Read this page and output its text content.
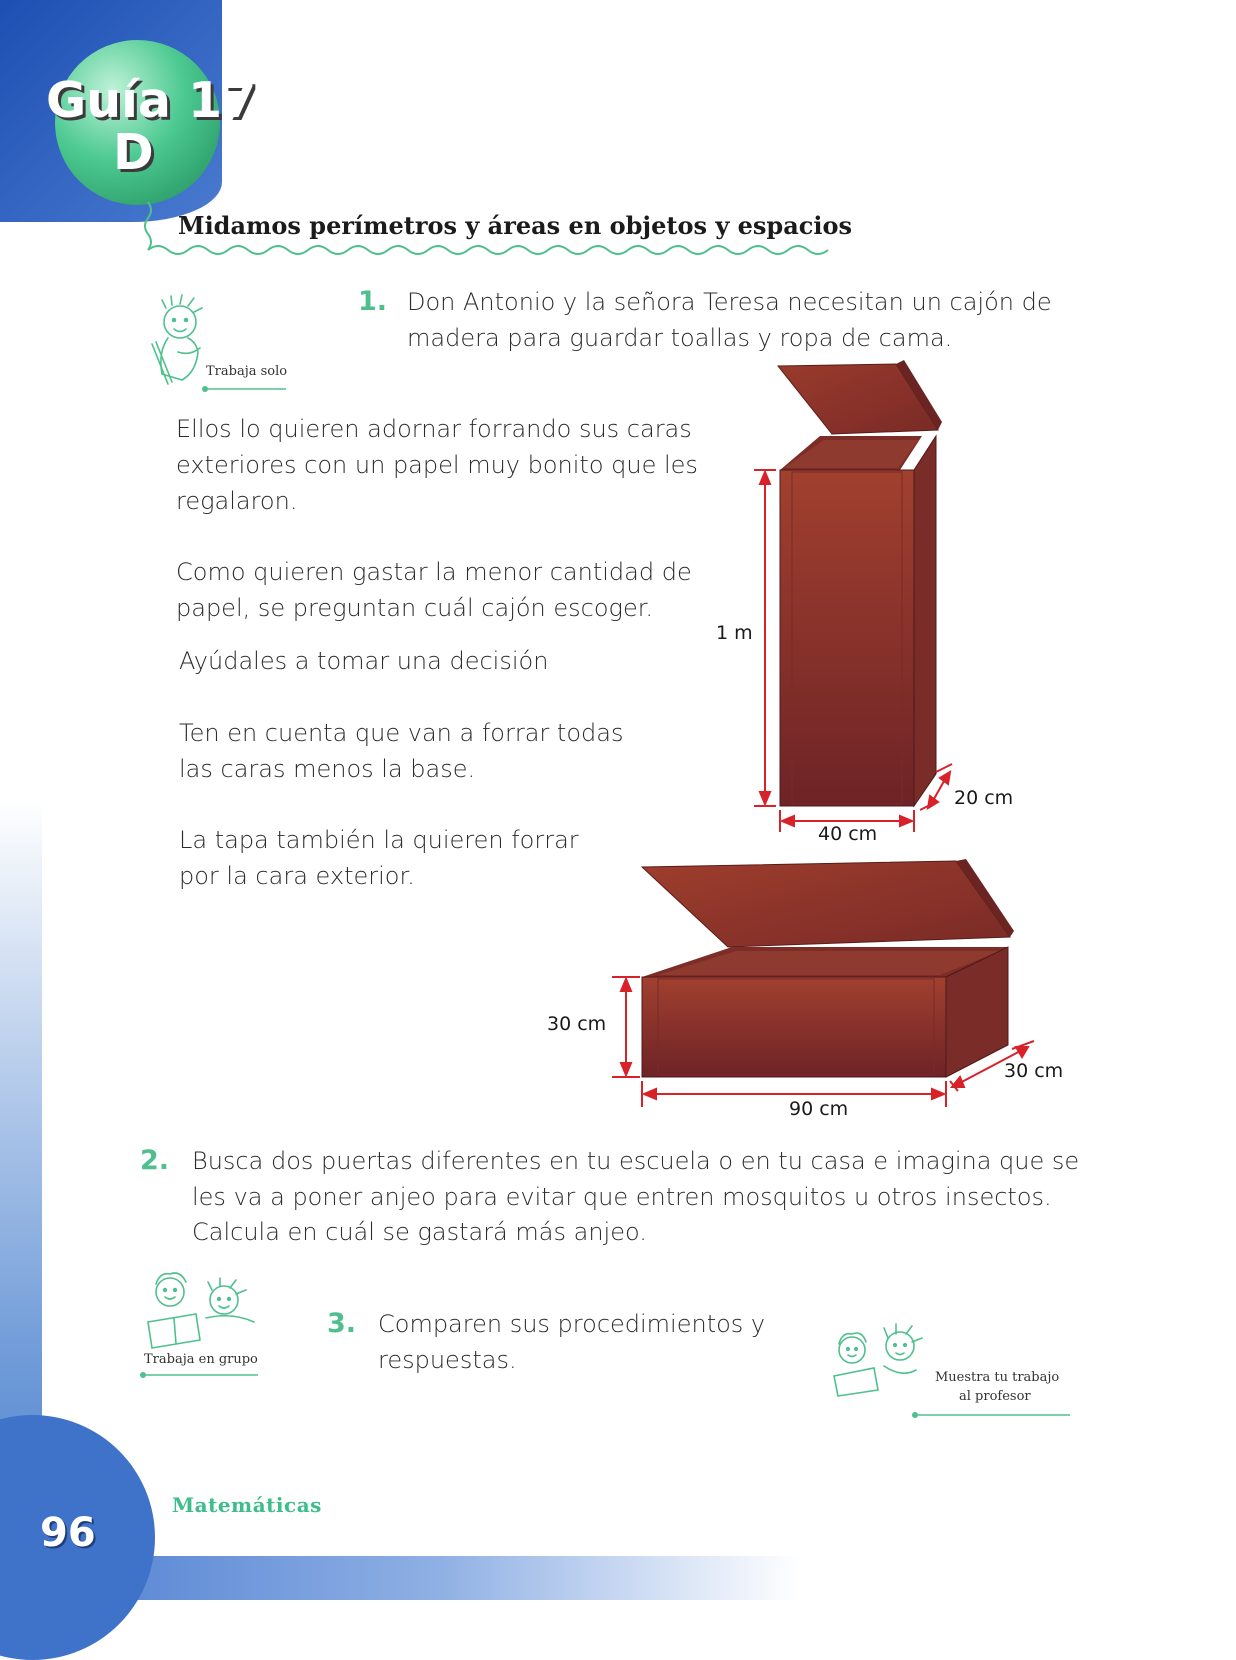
96
Matemáticas
Guía 17
D
Midamos perímetros y áreas en objetos y espacios
Trabaja solo
1. Don Antonio y la señora Teresa necesitan un cajón de
madera para guardar toallas y ropa de cama.
Ellos lo quieren adornar forrando sus caras
exteriores con un papel muy bonito que les
regalaron.
Como quieren gastar la menor cantidad de
papel, se preguntan cuál cajón escoger.
Ayúdales a tomar una decisión
Ten en cuenta que van a forrar todas
las caras menos la base.
La tapa también la quieren forrar
por la cara exterior.
1 m
40 cm
20 cm
30 cm
90 cm
30 cm
2. Busca dos puertas diferentes en tu escuela o en tu casa e imagina que se
les va a poner anjeo para evitar que entren mosquitos u otros insectos.
Calcula en cuál se gastará más anjeo.
Trabaja en grupo
3. Comparen sus procedimientos y
respuestas.
Muestra tu trabajo
al profesor
